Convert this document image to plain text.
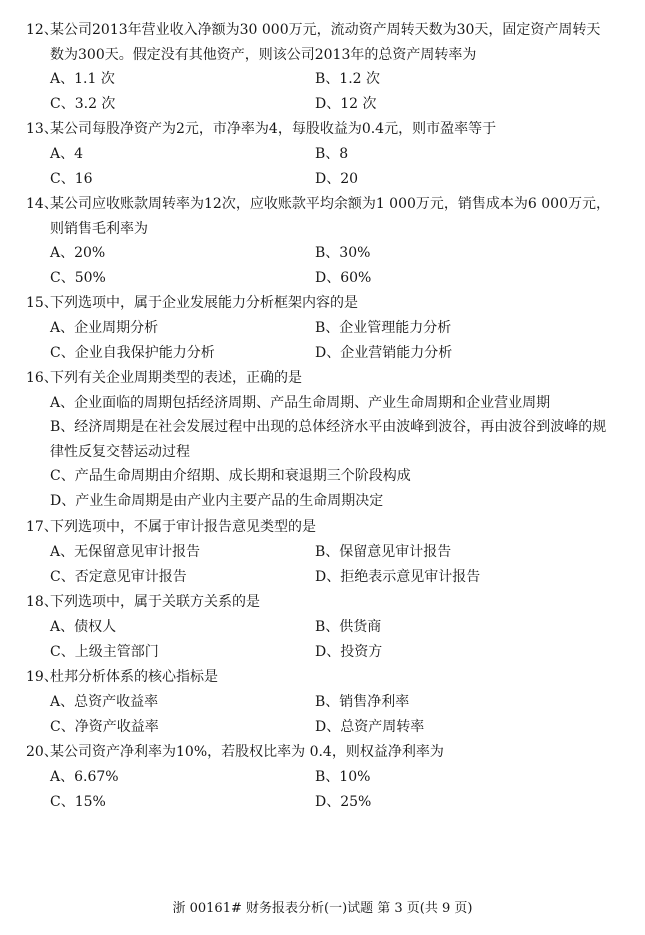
12、
某公司2013年营业收入净额为30 000万元，流动资产周转天数为30天，固定资产周转天数为300天。假定没有其他资产，则该公司2013年的总资产周转率为
A、1.1 次	B、1.2 次
C、3.2 次	D、12 次
13、
某公司每股净资产为2元，市净率为4，每股收益为0.4元，则市盈率等于
A、4	B、8
C、16	D、20
14、
某公司应收账款周转率为12次，应收账款平均余额为1 000万元，销售成本为6 000万元，则销售毛利率为
A、20%	B、30%
C、50%	D、60%
15、
下列选项中，属于企业发展能力分析框架内容的是
A、企业周期分析	B、企业管理能力分析
C、企业自我保护能力分析	D、企业营销能力分析
16、
下列有关企业周期类型的表述，正确的是
A、企业面临的周期包括经济周期、产品生命周期、产业生命周期和企业营业周期
B、经济周期是在社会发展过程中出现的总体经济水平由波峰到波谷，再由波谷到波峰的规律性反复交替运动过程
C、产品生命周期由介绍期、成长期和衰退期三个阶段构成
D、产业生命周期是由产业内主要产品的生命周期决定
17、
下列选项中，不属于审计报告意见类型的是
A、无保留意见审计报告	B、保留意见审计报告
C、否定意见审计报告	D、拒绝表示意见审计报告
18、
下列选项中，属于关联方关系的是
A、债权人	B、供货商
C、上级主管部门	D、投资方
19、
杜邦分析体系的核心指标是
A、总资产收益率	B、销售净利率
C、净资产收益率	D、总资产周转率
20、
某公司资产净利率为10%，若股权比率为 0.4，则权益净利率为
A、6.67%	B、10%
C、15%	D、25%
浙 00161# 财务报表分析(一)试题 第 3 页(共 9 页)
